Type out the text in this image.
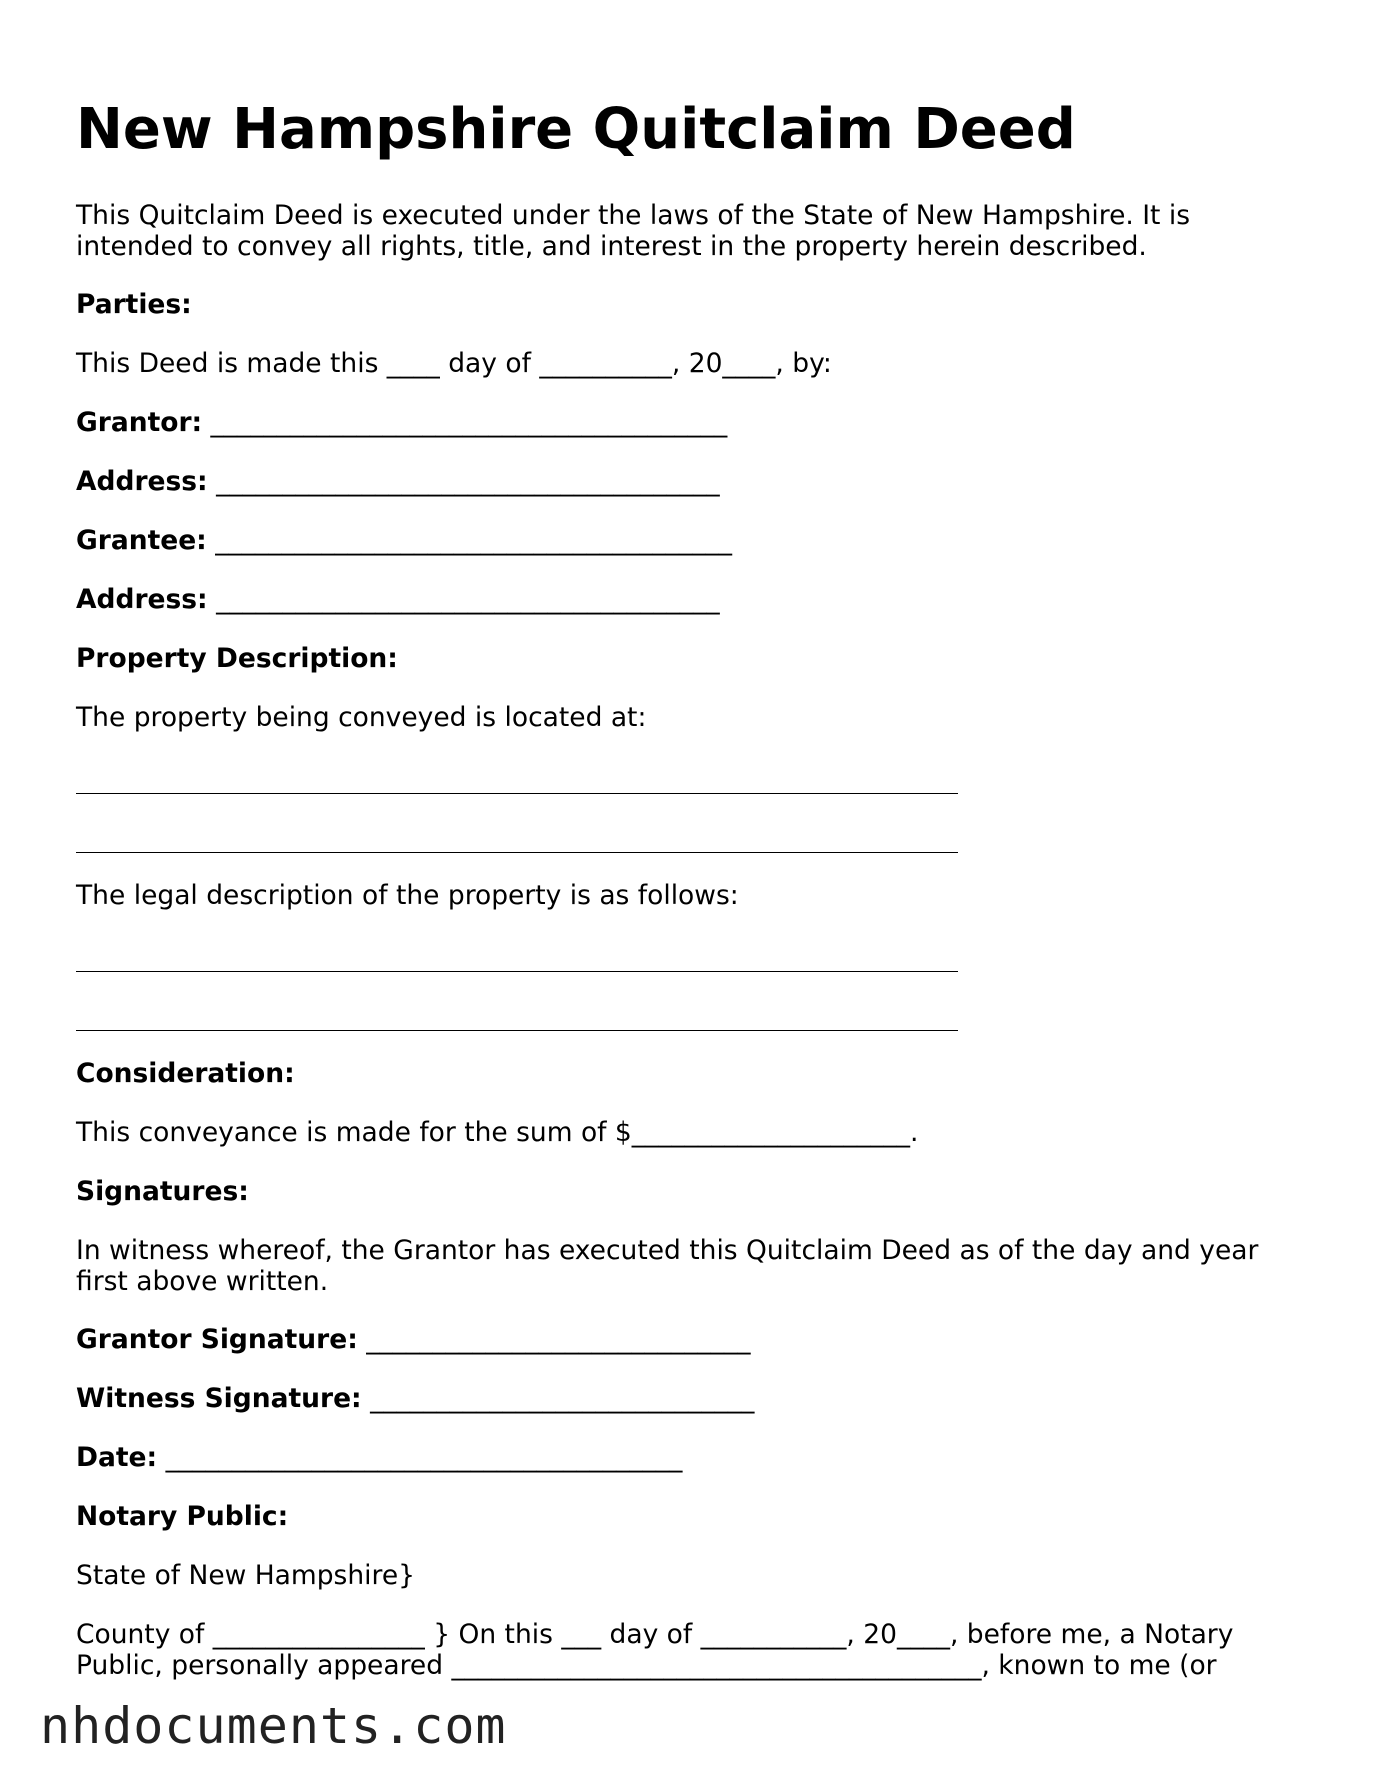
New Hampshire Quitclaim Deed
This Quitclaim Deed is executed under the laws of the State of New Hampshire. It is intended to convey all rights, title, and interest in the property herein described.
Parties:
This Deed is made this ____ day of __________, 20____, by:
Grantor: _______________________________________
Address: ______________________________________
Grantee: _______________________________________
Address: ______________________________________
Property Description:
The property being conveyed is located at:
The legal description of the property is as follows:
Consideration:
This conveyance is made for the sum of $_____________________.
Signatures:
In witness whereof, the Grantor has executed this Quitclaim Deed as of the day and year first above written.
Grantor Signature: _____________________________
Witness Signature: _____________________________
Date: _______________________________________
Notary Public:
State of New Hampshire}
County of ________________ } On this ___ day of ___________, 20____, before me, a Notary
Public, personally appeared ________________________________________, known to me (or
nhdocuments.com
